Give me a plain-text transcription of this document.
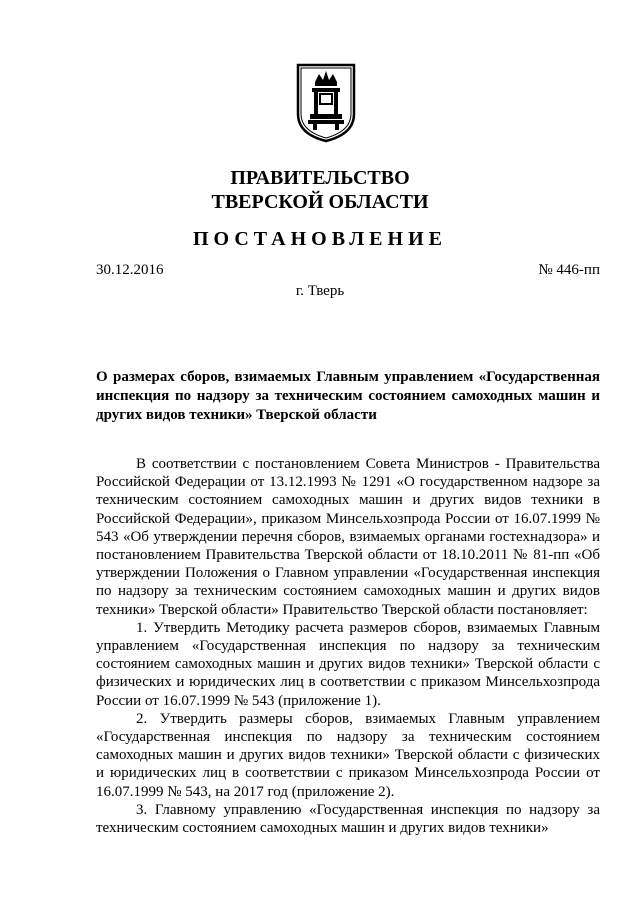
ПРАВИТЕЛЬСТВО
ТВЕРСКОЙ ОБЛАСТИ
ПОСТАНОВЛЕНИЕ
30.12.2016	№ 446-пп
г. Тверь
О размерах сборов, взимаемых Главным управлением «Государственная инспекция по надзору за техническим состоянием самоходных машин и других видов техники» Тверской области

В соответствии с постановлением Совета Министров - Правительства Российской Федерации от 13.12.1993 № 1291 «О государственном надзоре за техническим состоянием самоходных машин и других видов техники в Российской Федерации», приказом Минсельхозпрода России от 16.07.1999 № 543 «Об утверждении перечня сборов, взимаемых органами гостехнадзора» и постановлением Правительства Тверской области от 18.10.2011 № 81-пп «Об утверждении Положения о Главном управлении «Государственная инспекция по надзору за техническим состоянием самоходных машин и других видов техники» Тверской области» Правительство Тверской области постановляет:

1. Утвердить Методику расчета размеров сборов, взимаемых Главным управлением «Государственная инспекция по надзору за техническим состоянием самоходных машин и других видов техники» Тверской области с физических и юридических лиц в соответствии с приказом Минсельхозпрода России от 16.07.1999 № 543 (приложение 1).

2. Утвердить размеры сборов, взимаемых Главным управлением «Государственная инспекция по надзору за техническим состоянием самоходных машин и других видов техники» Тверской области с физических и юридических лиц в соответствии с приказом Минсельхозпрода России от 16.07.1999 № 543, на 2017 год (приложение 2).

3. Главному управлению «Государственная инспекция по надзору за техническим состоянием самоходных машин и других видов техники»
